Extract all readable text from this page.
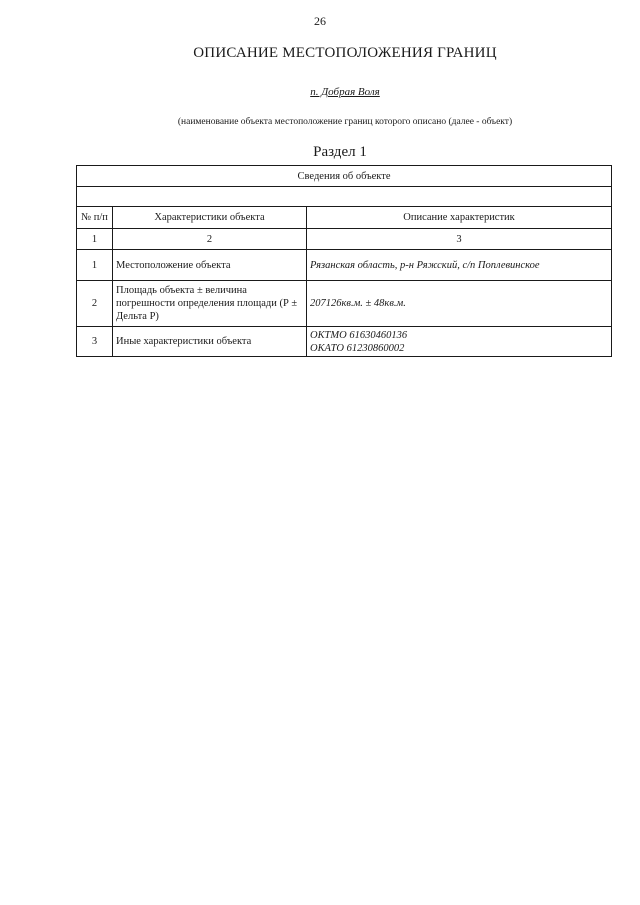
26
ОПИСАНИЕ МЕСТОПОЛОЖЕНИЯ ГРАНИЦ
п. Добрая Воля
(наименование объекта местоположение границ которого описано (далее - объект)
Раздел 1
Сведения об объекте		

№ п/п	Характеристики объекта	Описание характеристик
1	2	3
1	Местоположение объекта	Рязанская область, р-н Ряжский, с/п Поплевинское

2	Площадь объекта ± величина погрешности определения площади (Р ± Дельта Р)	207126кв.м. ± 48кв.м.

3	Иные характеристики объекта	ОКТМО 61630460136
ОКАТО 61230860002
